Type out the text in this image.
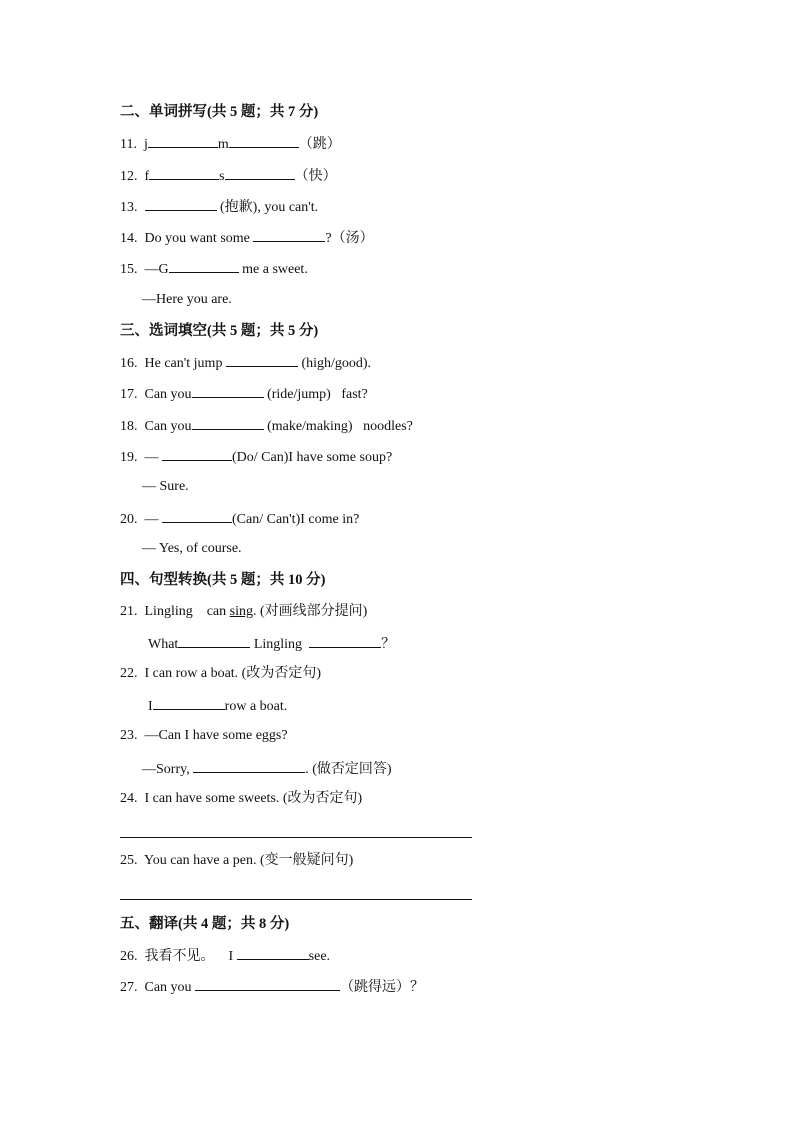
二、单词拼写(共 5 题；共 7 分)
11. j	m	（跳）
12. f	s	（快）
13.	(抱歉), you can't.
14. Do you want some	?（汤）
15. —G	me a sweet.
—Here you are.
三、选词填空(共 5 题；共 5 分)
16. He can't jump	(high/good).
17. Can you	(ride/jump)   fast?
18. Can you	(make/making)   noodles?
19. —	(Do/ Can)I have some soup?
— Sure.
20. —	(Can/ Can't)I come in?
— Yes, of course.
四、句型转换(共 5 题；共 10 分)
21. Lingling    can sing. (对画线部分提问)
What	Lingling	？
22. I can row a boat. (改为否定句)
I	row a boat.
23. —Can I have some eggs?
—Sorry,	. (做否定回答)
24. I can have some sweets. (改为否定句)
25. You can have a pen. (变一般疑问句)
五、翻译(共 4 题；共 8 分)
26. 我看不见。    I	see.
27. Can you	（跳得远）？
